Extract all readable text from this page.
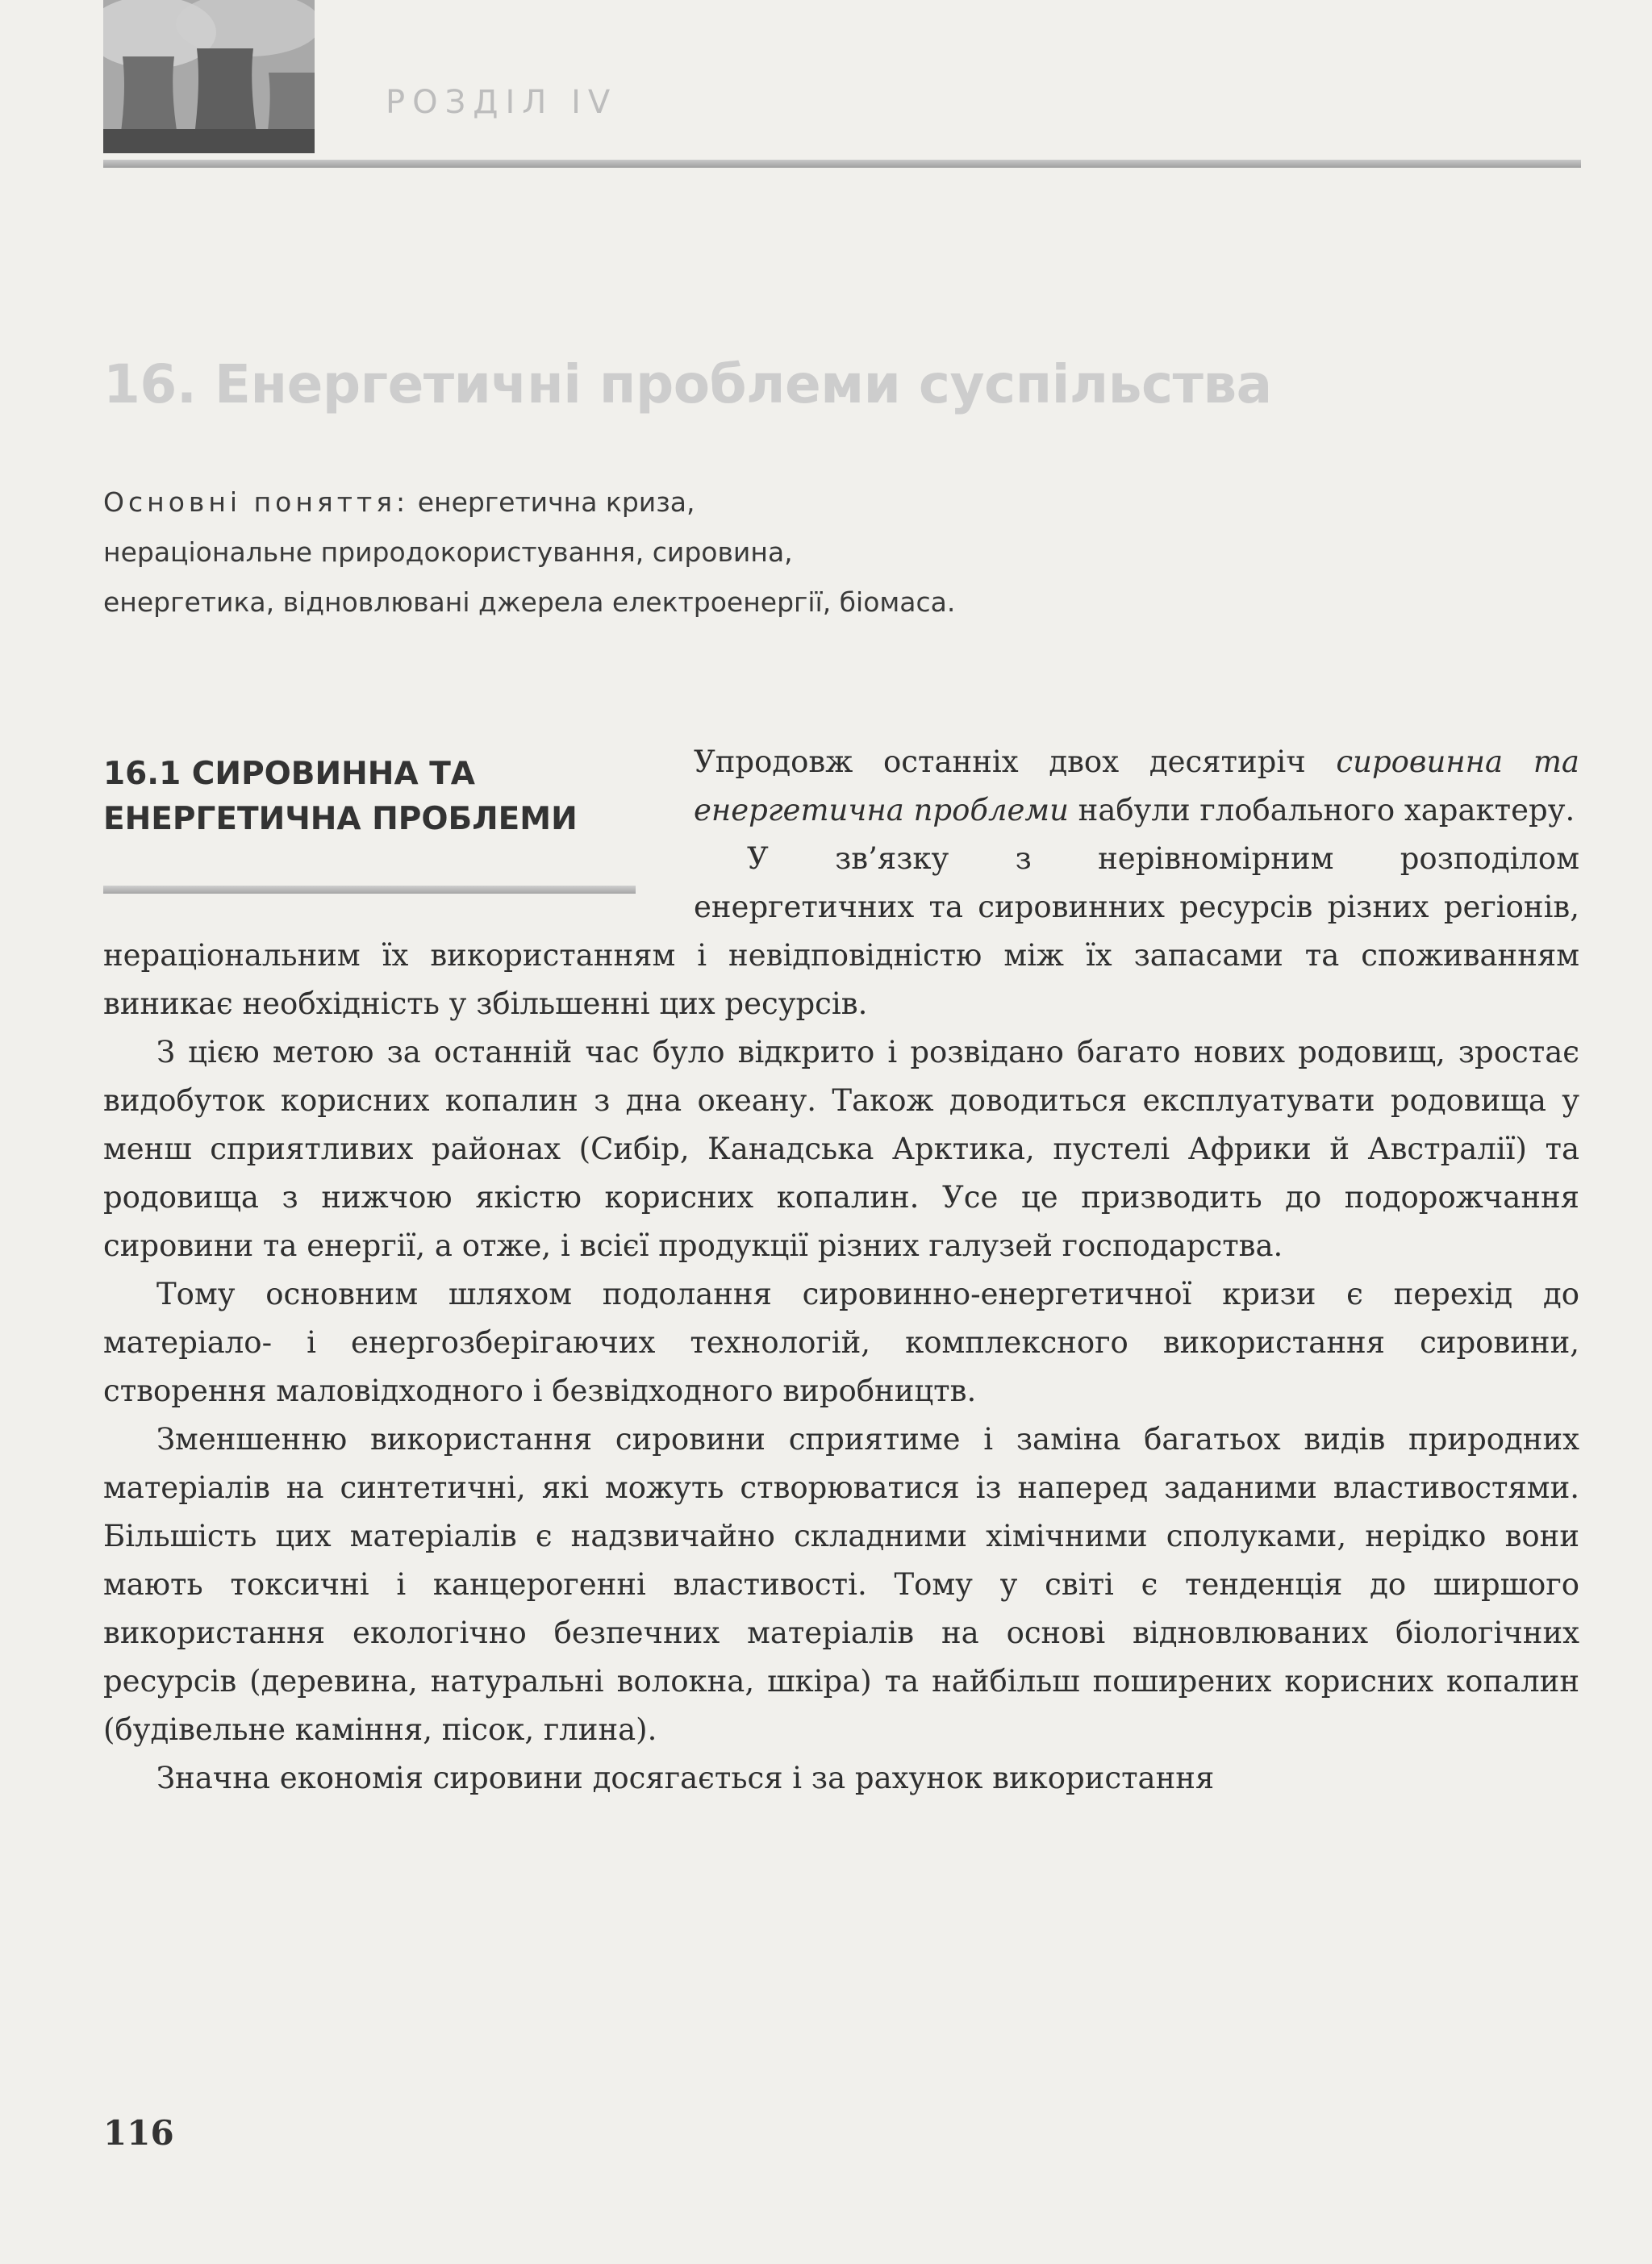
РОЗДІЛ IV
16. Енергетичні проблеми суспільства
Основні поняття: енергетична криза,
нераціональне природокористування, сировина,
енергетика, відновлювані джерела електроенергії, біомаса.
16.1 СИРОВИННА ТА
ЕНЕРГЕТИЧНА ПРОБЛЕМИ

Упродовж останніх двох десятиріч сировинна та енергетична проблеми набули глобального характеру.

У зв’язку з нерівномірним розподілом енергетичних та сировинних ресурсів різних регіонів, нераціональним їх використанням і невідповідністю між їх запасами та споживанням виникає необхідність у збільшенні цих ресурсів.

З цією метою за останній час було відкрито і розвідано багато нових родовищ, зростає видобуток корисних копалин з дна океану. Також доводиться експлуатувати родовища у менш сприятливих районах (Сибір, Канадська Арктика, пустелі Африки й Австралії) та родовища з нижчою якістю корисних копалин. Усе це призводить до подорожчання сировини та енергії, а отже, і всієї продукції різних галузей господарства.

Тому основним шляхом подолання сировинно-енергетичної кризи є перехід до матеріало- і енергозберігаючих технологій, комплексного використання сировини, створення маловідходного і безвідходного виробництв.

Зменшенню використання сировини сприятиме і заміна багатьох видів природних матеріалів на синтетичні, які можуть створюватися із наперед заданими властивостями. Більшість цих матеріалів є надзвичайно складними хімічними сполуками, нерідко вони мають токсичні і канцерогенні властивості. Тому у світі є тенденція до ширшого використання екологічно безпечних матеріалів на основі відновлюваних біологічних ресурсів (деревина, натуральні волокна, шкіра) та найбільш поширених корисних копалин (будівельне каміння, пісок, глина).

Значна економія сировини досягається і за рахунок використання

116
